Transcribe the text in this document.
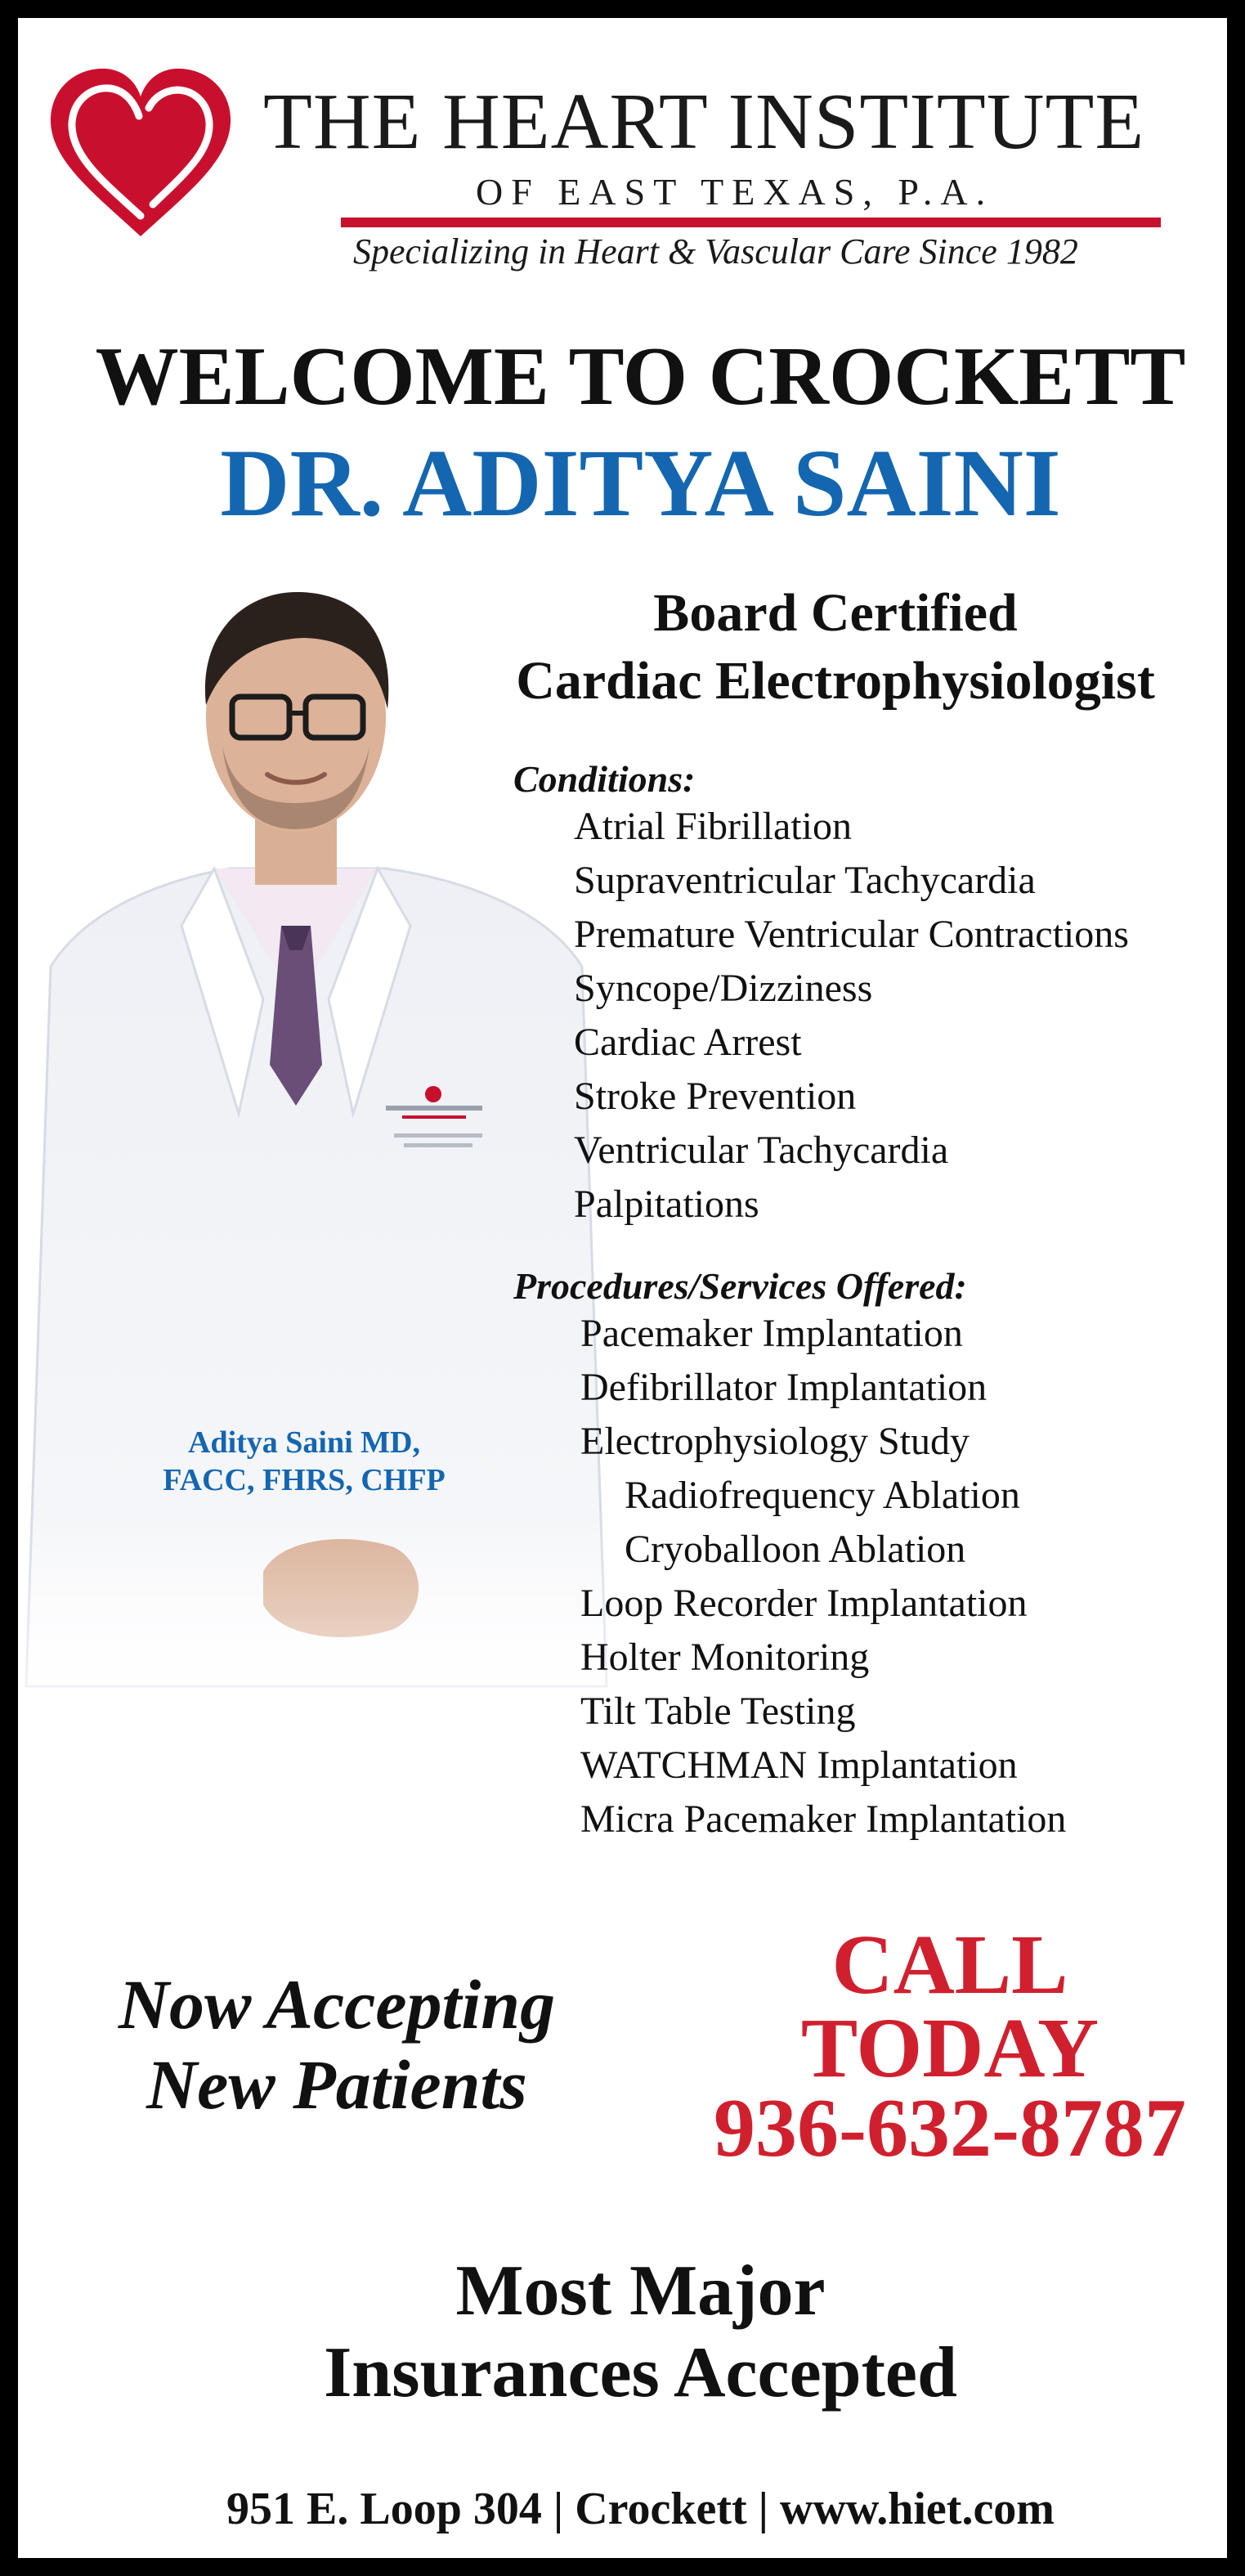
THE HEART INSTITUTE
OF EAST TEXAS, P.A.
Specializing in Heart & Vascular Care Since 1982
WELCOME TO CROCKETT
DR. ADITYA SAINI
Aditya Saini MD,
FACC, FHRS, CHFP
Board Certified
Cardiac Electrophysiologist
Conditions:
Atrial Fibrillation
Supraventricular Tachycardia
Premature Ventricular Contractions
Syncope/Dizziness
Cardiac Arrest
Stroke Prevention
Ventricular Tachycardia
Palpitations
Procedures/Services Offered:
Pacemaker Implantation
Defibrillator Implantation
Electrophysiology Study
Radiofrequency Ablation
Cryoballoon Ablation
Loop Recorder Implantation
Holter Monitoring
Tilt Table Testing
WATCHMAN Implantation
Micra Pacemaker Implantation
Now Accepting
New Patients
CALL
TODAY
936-632-8787
Most Major
Insurances Accepted
951 E. Loop 304 | Crockett | www.hiet.com
